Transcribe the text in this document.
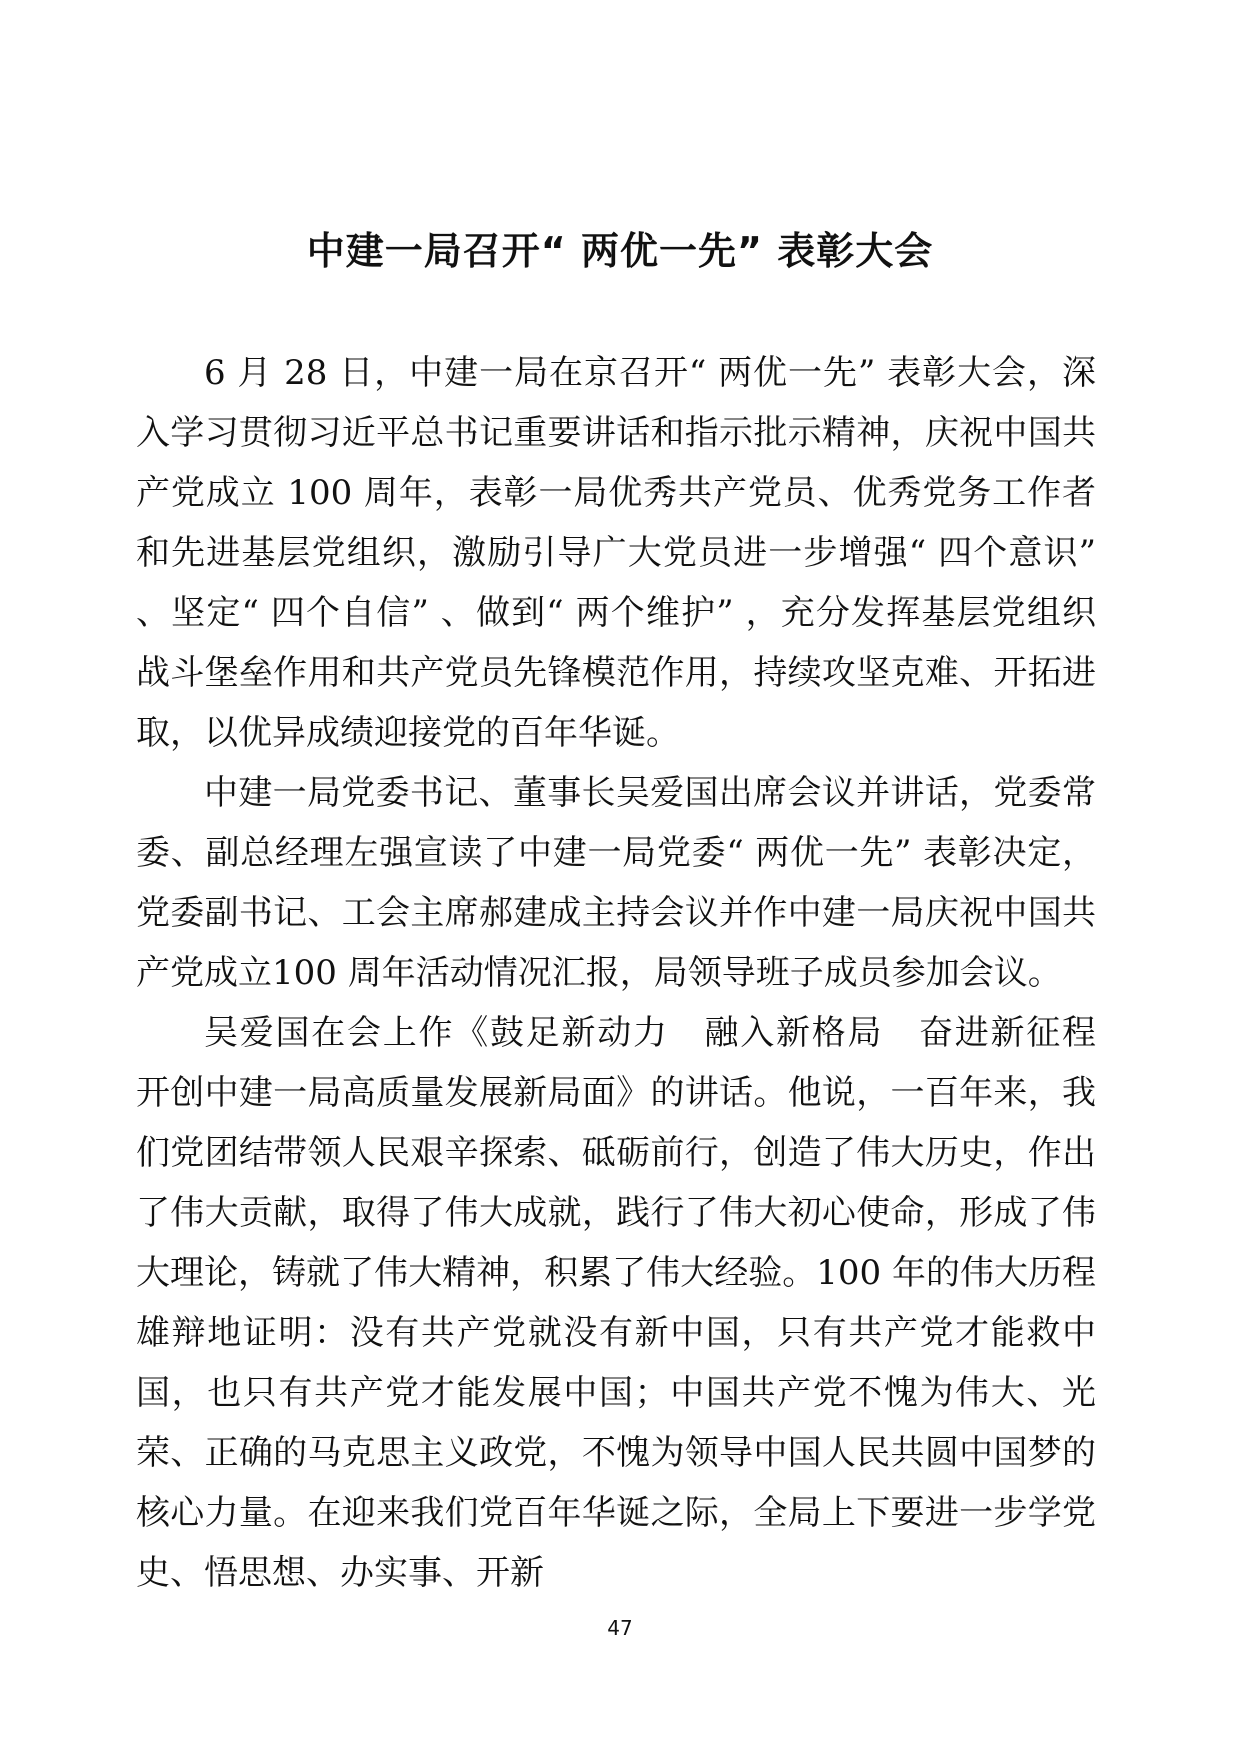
中建一局召开“ 两优一先” 表彰大会

6 月 28 日，中建一局在京召开“ 两优一先” 表彰大会，深入学习贯彻习近平总书记重要讲话和指示批示精神，庆祝中国共产党成立 100 周年，表彰一局优秀共产党员、优秀党务工作者和先进基层党组织，激励引导广大党员进一步增强“ 四个意识” 、坚定“ 四个自信” 、做到“ 两个维护” ，充分发挥基层党组织战斗堡垒作用和共产党员先锋模范作用，持续攻坚克难、开拓进取，以优异成绩迎接党的百年华诞。

中建一局党委书记、董事长吴爱国出席会议并讲话，党委常委、副总经理左强宣读了中建一局党委“ 两优一先” 表彰决定，党委副书记、工会主席郝建成主持会议并作中建一局庆祝中国共产党成立100 周年活动情况汇报，局领导班子成员参加会议。

吴爱国在会上作《鼓足新动力　融入新格局　奋进新征程　开创中建一局高质量发展新局面》的讲话。他说，一百年来，我们党团结带领人民艰辛探索、砥砺前行，创造了伟大历史，作出了伟大贡献，取得了伟大成就，践行了伟大初心使命，形成了伟大理论，铸就了伟大精神，积累了伟大经验。100 年的伟大历程雄辩地证明：没有共产党就没有新中国，只有共产党才能救中国，也只有共产党才能发展中国；中国共产党不愧为伟大、光荣、正确的马克思主义政党，不愧为领导中国人民共圆中国梦的核心力量。在迎来我们党百年华诞之际，全局上下要进一步学党史、悟思想、办实事、开新

47
